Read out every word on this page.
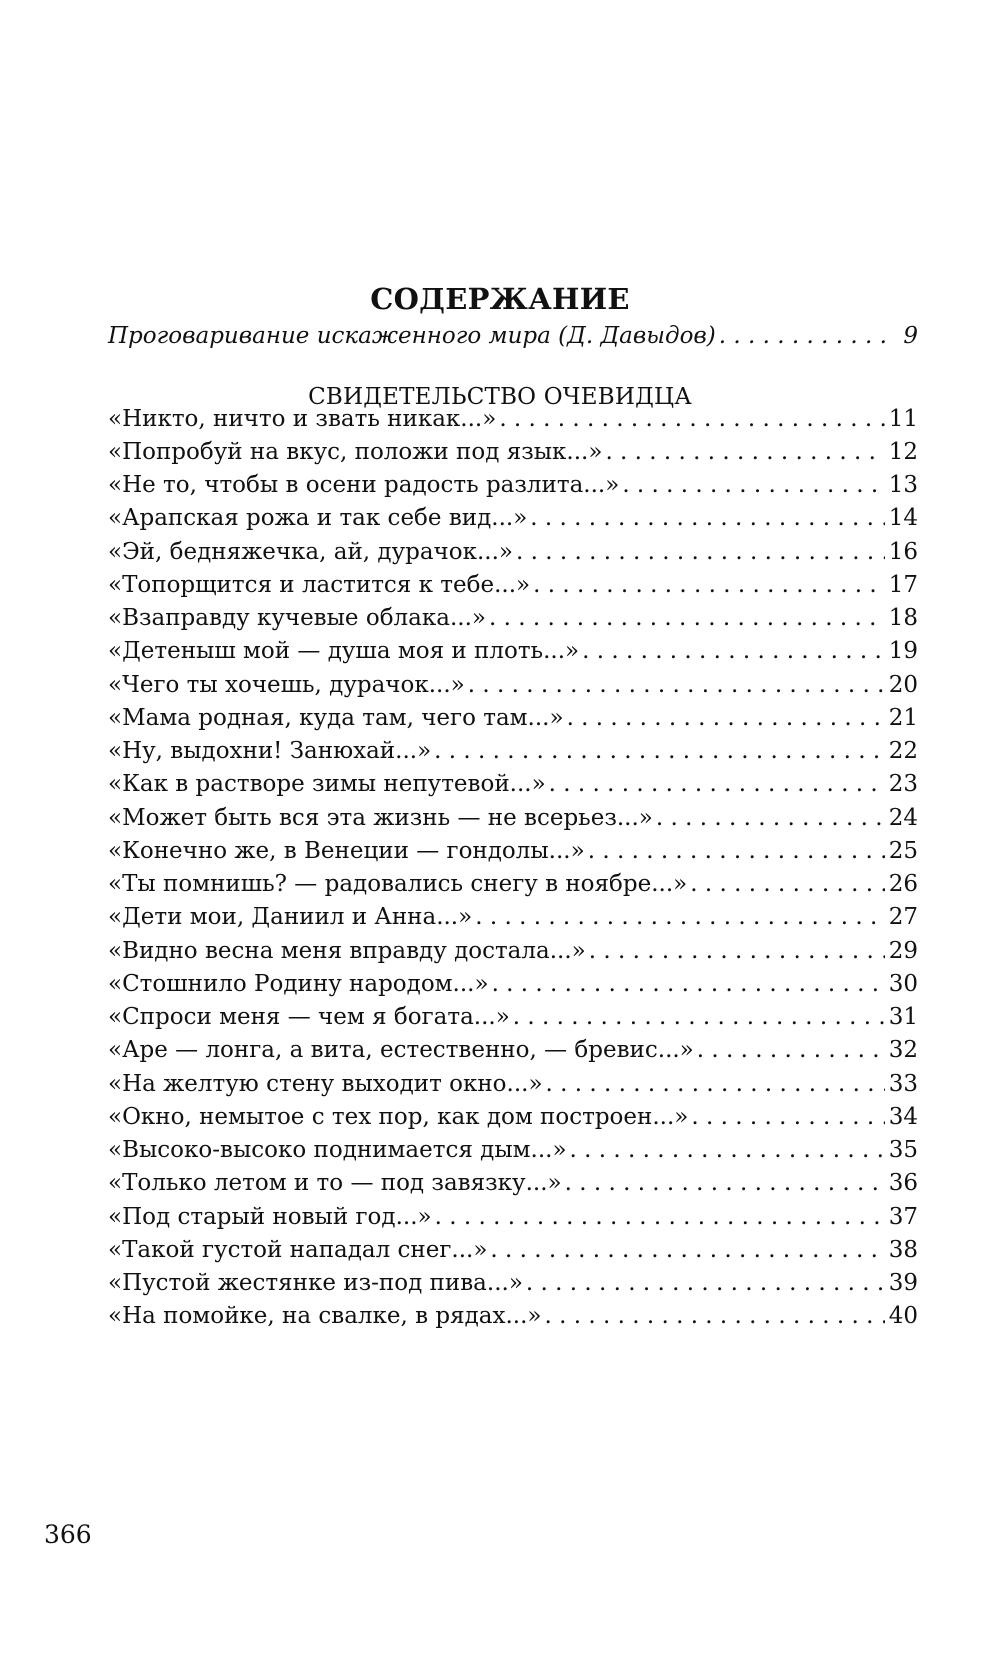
СОДЕРЖАНИЕ
Проговаривание искаженного мира (Д. Давыдов) . . .	9
СВИДЕТЕЛЬСТВО ОЧЕВИДЦА
«Никто, ничто и звать никак...» . . .	11
«Попробуй на вкус, положи под язык...» . . .	12
«Не то, чтобы в осени радость разлита...» . . .	13
«Арапская рожа и так себе вид...» . . .	14
«Эй, бедняжечка, ай, дурачок...» . . .	16
«Топорщится и ластится к тебе...» . . .	17
«Взаправду кучевые облака...» . . .	18
«Детеныш мой — душа моя и плоть...» . . .	19
«Чего ты хочешь, дурачок...» . . .	20
«Мама родная, куда там, чего там...» . . .	21
«Ну, выдохни! Занюхай...» . . .	22
«Как в растворе зимы непутевой...» . . .	23
«Может быть вся эта жизнь — не всерьез...» . . .	24
«Конечно же, в Венеции — гондолы...» . . .	25
«Ты помнишь? — радовались снегу в ноябре...» . . .	26
«Дети мои, Даниил и Анна...» . . .	27
«Видно весна меня вправду достала...» . . .	29
«Стошнило Родину народом...» . . .	30
«Спроси меня — чем я богата...» . . .	31
«Аре — лонга, а вита, естественно, — бревис...» . . .	32
«На желтую стену выходит окно...» . . .	33
«Окно, немытое с тех пор, как дом построен...» . . .	34
«Высоко-высоко поднимается дым...» . . .	35
«Только летом и то — под завязку...» . . .	36
«Под старый новый год...» . . .	37
«Такой густой нападал снег...» . . .	38
«Пустой жестянке из-под пива...» . . .	39
«На помойке, на свалке, в рядах...» . . .	40
366
